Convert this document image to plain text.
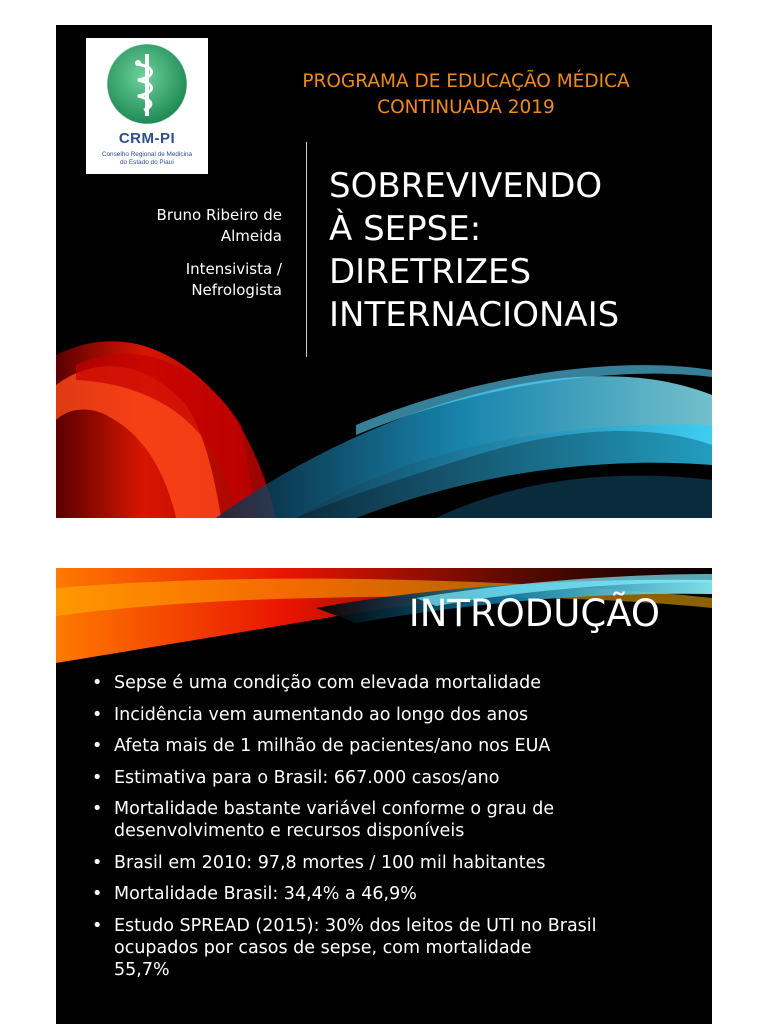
CRM-PI
Conselho Regional de Medicina
do Estado do Piauí
PROGRAMA DE EDUCAÇÃO MÉDICA
CONTINUADA 2019
SOBREVIVENDO
À SEPSE:
DIRETRIZES
INTERNACIONAIS

Bruno Ribeiro de
Almeida

Intensivista /
Nefrologista

INTRODUÇÃO
• Sepse é uma condição com elevada mortalidade
• Incidência vem aumentando ao longo dos anos
• Afeta mais de 1 milhão de pacientes/ano nos EUA
• Estimativa para o Brasil: 667.000 casos/ano
• Mortalidade bastante variável conforme o grau de
desenvolvimento e recursos disponíveis
• Brasil em 2010: 97,8 mortes / 100 mil habitantes
• Mortalidade Brasil: 34,4% a 46,9%
• Estudo SPREAD (2015): 30% dos leitos de UTI no Brasil
ocupados por casos de sepse, com mortalidade
55,7%
